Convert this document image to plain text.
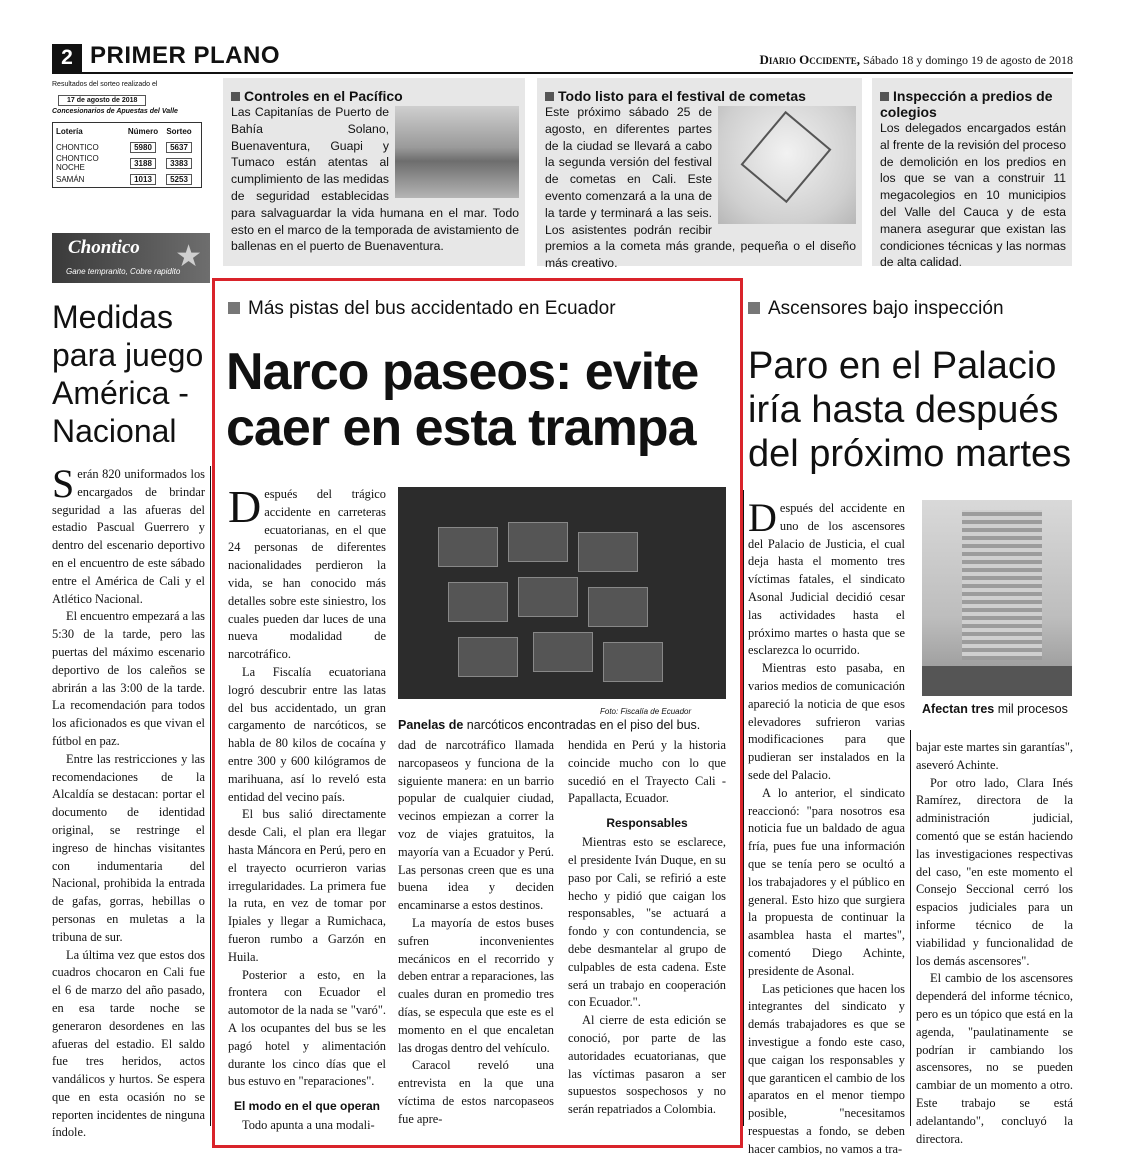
2 PRIMER PLANO	Diario Occidente, Sábado 18 y domingo 19 de agosto de 2018
Resultados del sorteo realizado el
17 de agosto de 2018
Concesionarios de Apuestas del Valle
Lotería	Número	Sorteo
CHONTICO	5980	5637
CHONTICO NOCHE	3188	3383
SAMÁN	1013	5253
Chontico ★
Gane tempranito, Cobre rapidito
Controles en el Pacífico

Las Capitanías de Puerto de Bahía Solano, Buenaventura, Guapi y Tumaco están atentas al cumplimiento de las medidas de seguridad establecidas para salvaguardar la vida humana en el mar. Todo esto en el marco de la temporada de avistamiento de ballenas en el puerto de Buenaventura.

Todo listo para el festival de cometas

Este próximo sábado 25 de agosto, en diferentes partes de la ciudad se llevará a cabo la segunda versión del festival de cometas en Cali. Este evento comenzará a la una de la tarde y terminará a las seis. Los asistentes podrán recibir premios a la cometa más grande, pequeña o el diseño más creativo.

Inspección a predios de colegios

Los delegados encargados están al frente de la revisión del proceso de demolición en los predios en los que se van a construir 11 megacolegios en 10 municipios del Valle del Cauca y de esta manera asegurar que existan las condiciones técnicas y las normas de alta calidad.

Medidas para juego América - Nacional

Serán 820 uniformados los encargados de brindar seguridad a las afueras del estadio Pascual Guerrero y dentro del escenario deportivo en el encuentro de este sábado entre el América de Cali y el Atlético Nacional.

El encuentro empezará a las 5:30 de la tarde, pero las puertas del máximo escenario deportivo de los caleños se abrirán a las 3:00 de la tarde. La recomendación para todos los aficionados es que vivan el fútbol en paz.

Entre las restricciones y las recomendaciones de la Alcaldía se destacan: portar el documento de identidad original, se restringe el ingreso de hinchas visitantes con indumentaria del Nacional, prohibida la entrada de gafas, gorras, hebillas o personas en muletas a la tribuna de sur.

La última vez que estos dos cuadros chocaron en Cali fue el 6 de marzo del año pasado, en esa tarde noche se generaron desordenes en las afueras del estadio. El saldo fue tres heridos, actos vandálicos y hurtos. Se espera que en esta ocasión no se reporten incidentes de ninguna índole.

Más pistas del bus accidentado en Ecuador
Narco paseos: evite caer en esta trampa
Foto: Fiscalía de Ecuador
Panelas de narcóticos encontradas en el piso del bus.

Después del trágico accidente en carreteras ecuatorianas, en el que 24 personas de diferentes nacionalidades perdieron la vida, se han conocido más detalles sobre este siniestro, los cuales pueden dar luces de una nueva modalidad de narcotráfico.

La Fiscalía ecuatoriana logró descubrir entre las latas del bus accidentado, un gran cargamento de narcóticos, se habla de 80 kilos de cocaína y entre 300 y 600 kilógramos de marihuana, así lo reveló esta entidad del vecino país.

El bus salió directamente desde Cali, el plan era llegar hasta Máncora en Perú, pero en el trayecto ocurrieron varias irregularidades. La primera fue la ruta, en vez de tomar por Ipiales y llegar a Rumichaca, fueron rumbo a Garzón en Huila.

Posterior a esto, en la frontera con Ecuador el automotor de la nada se "varó". A los ocupantes del bus se les pagó hotel y alimentación durante los cinco días que el bus estuvo en "reparaciones".

El modo en el que operan

Todo apunta a una modali-

dad de narcotráfico llamada narcopaseos y funciona de la siguiente manera: en un barrio popular de cualquier ciudad, vecinos empiezan a correr la voz de viajes gratuitos, la mayoría van a Ecuador y Perú. Las personas creen que es una buena idea y deciden encaminarse a estos destinos.

La mayoría de estos buses sufren inconvenientes mecánicos en el recorrido y deben entrar a reparaciones, las cuales duran en promedio tres días, se especula que este es el momento en el que encaletan las drogas dentro del vehículo.

Caracol reveló una entrevista en la que una víctima de estos narcopaseos fue apre-

hendida en Perú y la historia coincide mucho con lo que sucedió en el Trayecto Cali - Papallacta, Ecuador.

Responsables

Mientras esto se esclarece, el presidente Iván Duque, en su paso por Cali, se refirió a este hecho y pidió que caigan los responsables, "se actuará a fondo y con contundencia, se debe desmantelar al grupo de culpables de esta cadena. Este será un trabajo en cooperación con Ecuador.".

Al cierre de esta edición se conoció, por parte de las autoridades ecuatorianas, que las víctimas pasaron a ser supuestos sospechosos y no serán repatriados a Colombia.

Ascensores bajo inspección
Paro en el Palacio iría hasta después del próximo martes

Después del accidente en uno de los ascensores del Palacio de Justicia, el cual deja hasta el momento tres víctimas fatales, el sindicato Asonal Judicial decidió cesar las actividades hasta el próximo martes o hasta que se esclarezca lo ocurrido.

Mientras esto pasaba, en varios medios de comunicación apareció la noticia de que esos elevadores sufrieron varias modificaciones para que pudieran ser instalados en la sede del Palacio.

A lo anterior, el sindicato reaccionó: "para nosotros esa noticia fue un baldado de agua fría, pues fue una información que se tenía pero se ocultó a los trabajadores y el público en general. Esto hizo que surgiera la propuesta de continuar la asamblea hasta el martes", comentó Diego Achinte, presidente de Asonal.

Las peticiones que hacen los integrantes del sindicato y demás trabajadores es que se investigue a fondo este caso, que caigan los responsables y que garanticen el cambio de los aparatos en el menor tiempo posible, "necesitamos respuestas a fondo, se deben hacer cambios, no vamos a tra-

Afectan tres mil procesos

bajar este martes sin garantías", aseveró Achinte.

Por otro lado, Clara Inés Ramírez, directora de la administración judicial, comentó que se están haciendo las investigaciones respectivas del caso, "en este momento el Consejo Seccional cerró los espacios judiciales para un informe técnico de la viabilidad y funcionalidad de los demás ascensores".

El cambio de los ascensores dependerá del informe técnico, pero es un tópico que está en la agenda, "paulatinamente se podrían ir cambiando los ascensores, no se pueden cambiar de un momento a otro. Este trabajo se está adelantando", concluyó la directora.
